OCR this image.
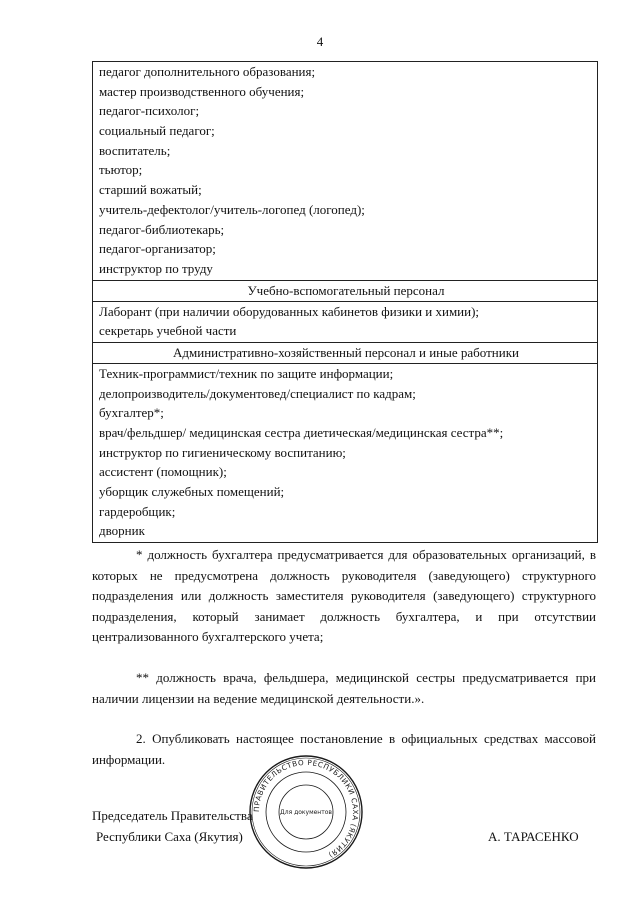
4
педагог дополнительного образования;
мастер производственного обучения;
педагог-психолог;
социальный педагог;
воспитатель;
тьютор;
старший вожатый;
учитель-дефектолог/учитель-логопед (логопед);
педагог-библиотекарь;
педагог-организатор;
инструктор по труду

Учебно-вспомогательный персонал

Лаборант (при наличии оборудованных кабинетов физики и химии);
секретарь учебной части

Административно-хозяйственный персонал и иные работники

Техник-программист/техник по защите информации;
делопроизводитель/документовед/специалист по кадрам;
бухгалтер*;
врач/фельдшер/ медицинская сестра диетическая/медицинская сестра**;
инструктор по гигиеническому воспитанию;
ассистент (помощник);
уборщик служебных помещений;
гардеробщик;
дворник

* должность бухгалтера предусматривается для образовательных организаций, в которых не предусмотрена должность руководителя (заведующего) структурного подразделения или должность заместителя руководителя (заведующего) структурного подразделения, который занимает должность бухгалтера, и при отсутствии централизованного бухгалтерского учета;

** должность врача, фельдшера, медицинской сестры предусматривается при наличии лицензии на ведение медицинской деятельности.».

2. Опубликовать настоящее постановление в официальных средствах массовой информации.

Председатель Правительства
Республики Саха (Якутия)
ПРАВИТЕЛЬСТВО РЕСПУБЛИКИ САХА (ЯКУТИЯ)
Для документов
А. ТАРАСЕНКО
